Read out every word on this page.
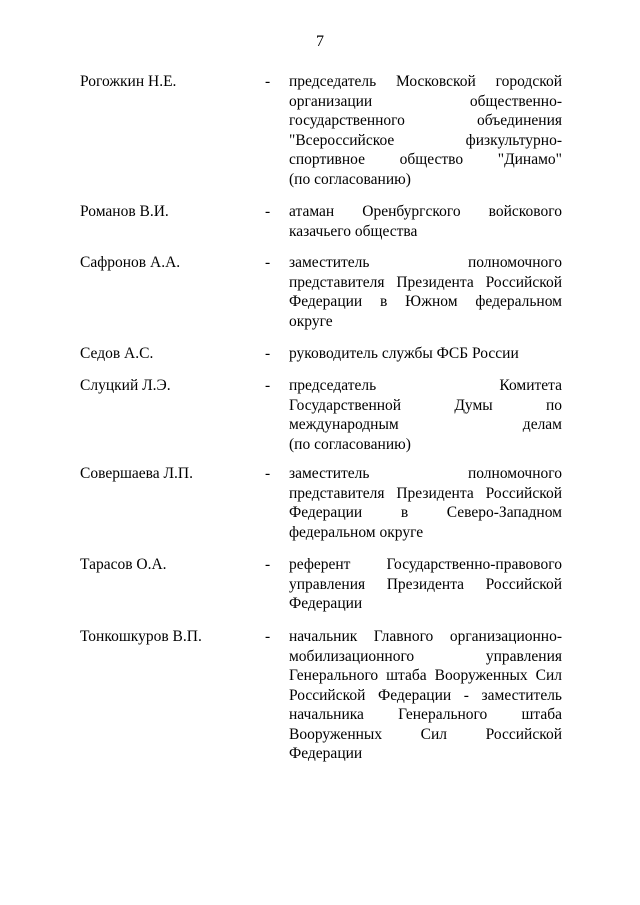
7
Рогожкин Н.Е.	- председатель Московской городской
организации общественно-
государственного объединения
"Всероссийское физкультурно-
спортивное общество "Динамо"
(по согласованию)
Романов В.И.	- атаман Оренбургского войскового
казачьего общества
Сафронов А.А.	- заместитель полномочного
представителя Президента Российской
Федерации в Южном федеральном
округе
Седов А.С.	- руководитель службы ФСБ России
Слуцкий Л.Э.	- председатель Комитета
Государственной Думы по
международным делам
(по согласованию)
Совершаева Л.П.	- заместитель полномочного
представителя Президента Российской
Федерации в Северо-Западном
федеральном округе
Тарасов О.А.	- референт Государственно-правового
управления Президента Российской
Федерации
Тонкошкуров В.П.	- начальник Главного организационно-
мобилизационного управления
Генерального штаба Вооруженных Сил
Российской Федерации - заместитель
начальника Генерального штаба
Вооруженных Сил Российской
Федерации
